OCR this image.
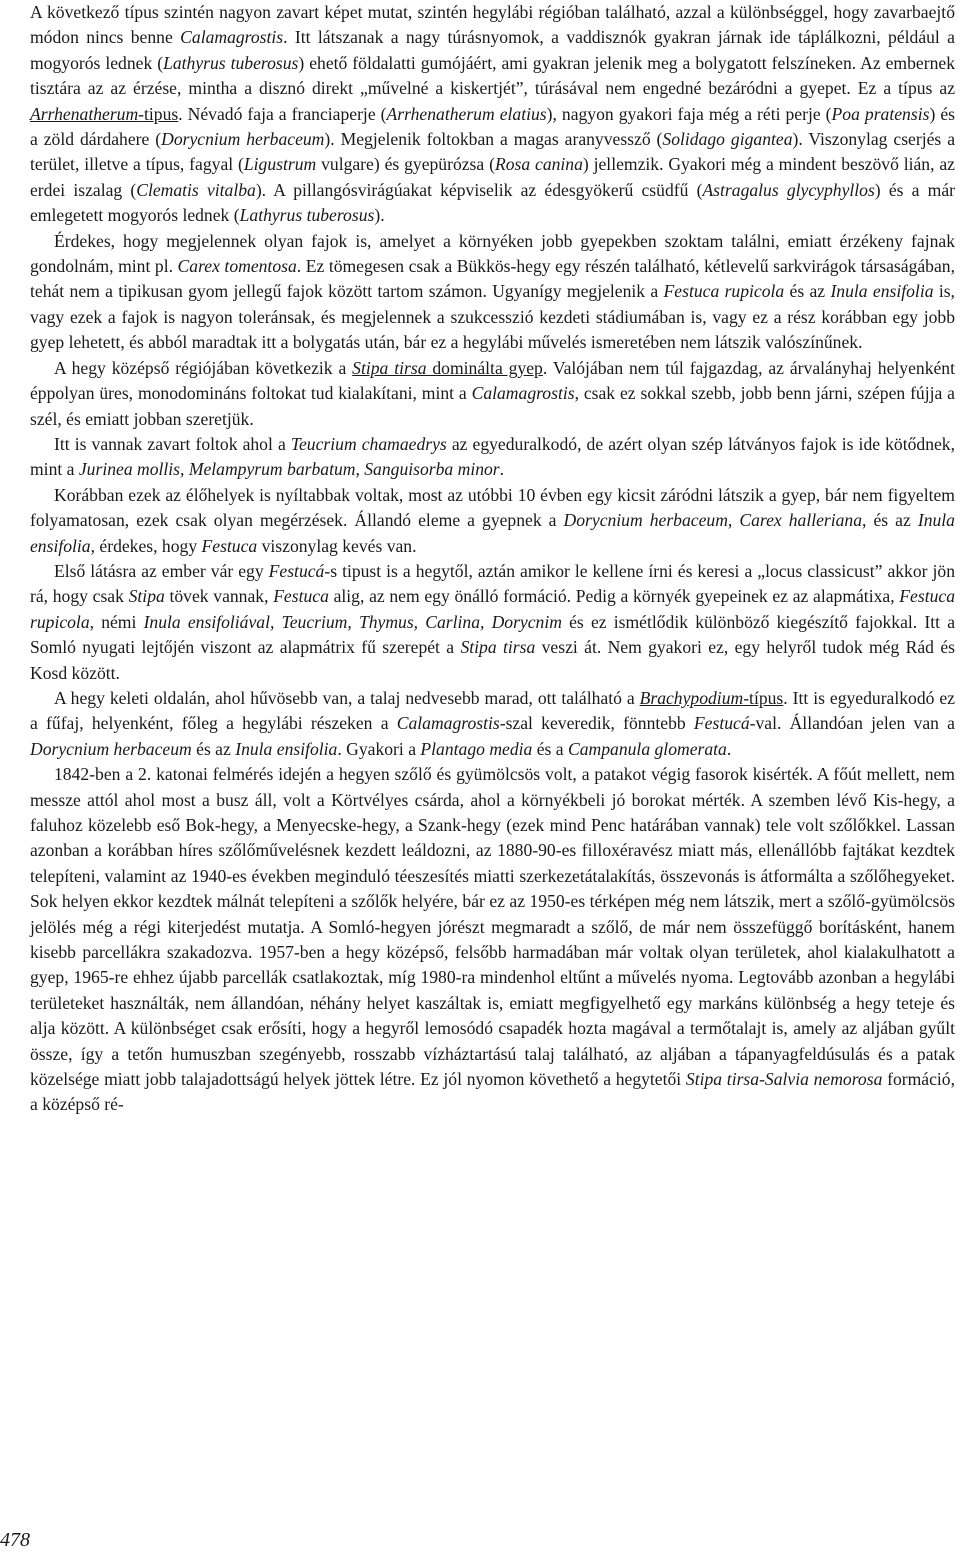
A következő típus szintén nagyon zavart képet mutat, szintén hegylábi régióban található, azzal a különbséggel, hogy zavarbaejtő módon nincs benne Calamagrostis. Itt látszanak a nagy túrásnyomok, a vaddisznók gyakran járnak ide táplálkozni, például a mogyorós lednek (Lathyrus tuberosus) ehető földalatti gumójáért, ami gyakran jelenik meg a bolygatott felszíneken. Az embernek tisztára az az érzése, mintha a disznó direkt „művelné a kiskertjét”, túrásával nem engedné bezáródni a gyepet. Ez a típus az Arrhenatherum-tipus. Névadó faja a franciaperje (Arrhenatherum elatius), nagyon gyakori faja még a réti perje (Poa pratensis) és a zöld dárdahere (Dorycnium herbaceum). Megjelenik foltokban a magas aranyvessző (Solidago gigantea). Viszonylag cserjés a terület, illetve a típus, fagyal (Ligustrum vulgare) és gyepürózsa (Rosa canina) jellemzik. Gyakori még a mindent beszövő lián, az erdei iszalag (Clematis vitalba). A pillangósvirágúakat képviselik az édesgyökerű csüdfű (Astragalus glycyphyllos) és a már emlegetett mogyorós lednek (Lathyrus tuberosus).

Érdekes, hogy megjelennek olyan fajok is, amelyet a környéken jobb gyepekben szoktam találni, emiatt érzékeny fajnak gondolnám, mint pl. Carex tomentosa. Ez tömegesen csak a Bükkös-hegy egy részén található, kétlevelű sarkvirágok társaságában, tehát nem a tipikusan gyom jellegű fajok között tartom számon. Ugyanígy megjelenik a Festuca rupicola és az Inula ensifolia is, vagy ezek a fajok is nagyon toleránsak, és megjelennek a szukcesszió kezdeti stádiumában is, vagy ez a rész korábban egy jobb gyep lehetett, és abból maradtak itt a bolygatás után, bár ez a hegylábi művelés ismeretében nem látszik valószínűnek.

A hegy középső régiójában következik a Stipa tirsa dominálta gyep. Valójában nem túl fajgazdag, az árvalányhaj helyenként éppolyan üres, monodomináns foltokat tud kialakítani, mint a Calamagrostis, csak ez sokkal szebb, jobb benn járni, szépen fújja a szél, és emiatt jobban szeretjük.

Itt is vannak zavart foltok ahol a Teucrium chamaedrys az egyeduralkodó, de azért olyan szép látványos fajok is ide kötődnek, mint a Jurinea mollis, Melampyrum barbatum, Sanguisorba minor.

Korábban ezek az élőhelyek is nyíltabbak voltak, most az utóbbi 10 évben egy kicsit záródni látszik a gyep, bár nem figyeltem folyamatosan, ezek csak olyan megérzések. Állandó eleme a gyepnek a Dorycnium herbaceum, Carex halleriana, és az Inula ensifolia, érdekes, hogy Festuca viszonylag kevés van.

Első látásra az ember vár egy Festucá-s tipust is a hegytől, aztán amikor le kellene írni és keresi a „locus classicust” akkor jön rá, hogy csak Stipa tövek vannak, Festuca alig, az nem egy önálló formáció. Pedig a környék gyepeinek ez az alapmátixa, Festuca rupicola, némi Inula ensifoliával, Teucrium, Thymus, Carlina, Dorycnim és ez ismétlődik különböző kiegészítő fajokkal. Itt a Somló nyugati lejtőjén viszont az alapmátrix fű szerepét a Stipa tirsa veszi át. Nem gyakori ez, egy helyről tudok még Rád és Kosd között.

A hegy keleti oldalán, ahol hűvösebb van, a talaj nedvesebb marad, ott található a Brachypodium-típus. Itt is egyeduralkodó ez a fűfaj, helyenként, főleg a hegylábi részeken a Calamagrostis-szal keveredik, fönntebb Festucá-val. Állandóan jelen van a Dorycnium herbaceum és az Inula ensifolia. Gyakori a Plantago media és a Campanula glomerata.

1842-ben a 2. katonai felmérés idején a hegyen szőlő és gyümölcsös volt, a patakot végig fasorok kisérték. A főút mellett, nem messze attól ahol most a busz áll, volt a Körtvélyes csárda, ahol a környékbeli jó borokat mérték. A szemben lévő Kis-hegy, a faluhoz közelebb eső Bok-hegy, a Menyecske-hegy, a Szank-hegy (ezek mind Penc határában vannak) tele volt szőlőkkel. Lassan azonban a korábban híres szőlőművelésnek kezdett leáldozni, az 1880-90-es filloxéravész miatt más, ellenállóbb fajtákat kezdtek telepíteni, valamint az 1940-es években meginduló téeszesítés miatti szerkezetátalakítás, összevonás is átformálta a szőlőhegyeket. Sok helyen ekkor kezdtek málnát telepíteni a szőlők helyére, bár ez az 1950-es térképen még nem látszik, mert a szőlő-gyümölcsös jelölés még a régi kiterjedést mutatja. A Somló-hegyen jórészt megmaradt a szőlő, de már nem összefüggő borításként, hanem kisebb parcellákra szakadozva. 1957-ben a hegy középső, felsőbb harmadában már voltak olyan területek, ahol kialakulhatott a gyep, 1965-re ehhez újabb parcellák csatlakoztak, míg 1980-ra mindenhol eltűnt a művelés nyoma. Legtovább azonban a hegylábi területeket használták, nem állandóan, néhány helyet kaszáltak is, emiatt megfigyelhető egy markáns különbség a hegy teteje és alja között. A különbséget csak erősíti, hogy a hegyről lemosódó csapadék hozta magával a termőtalajt is, amely az aljában gyűlt össze, így a tetőn humuszban szegényebb, rosszabb vízháztartású talaj található, az aljában a tápanyagfeldúsulás és a patak közelsége miatt jobb talajadottságú helyek jöttek létre. Ez jól nyomon követhető a hegytetői Stipa tirsa-Salvia nemorosa formáció, a középső ré-

478
